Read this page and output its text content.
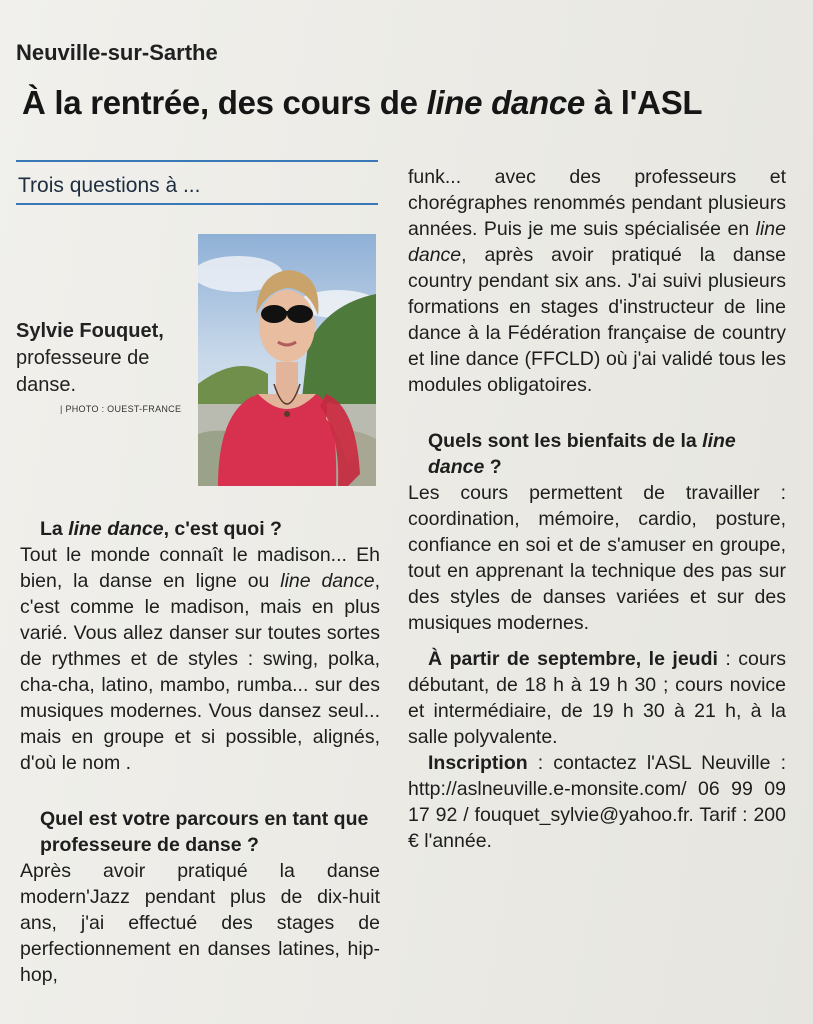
Neuville-sur-Sarthe
À la rentrée, des cours de line dance à l'ASL
Trois questions à ...
Sylvie Fouquet,
professeure de
danse.
| PHOTO : OUEST-FRANCE

La line dance, c'est quoi ?

Tout le monde connaît le madison... Eh bien, la danse en ligne ou line dance, c'est comme le madison, mais en plus varié. Vous allez danser sur toutes sortes de rythmes et de styles : swing, polka, cha-cha, latino, mambo, rumba... sur des musiques modernes. Vous dansez seul... mais en groupe et si possible, alignés, d'où le nom .

Quel est votre parcours en tant que professeure de danse ?

Après avoir pratiqué la danse modern'Jazz pendant plus de dix-huit ans, j'ai effectué des stages de perfectionnement en danses latines, hip-hop,

funk... avec des professeurs et chorégraphes renommés pendant plusieurs années. Puis je me suis spécialisée en line dance, après avoir pratiqué la danse country pendant six ans. J'ai suivi plusieurs formations en stages d'instructeur de line dance à la Fédération française de country et line dance (FFCLD) où j'ai validé tous les modules obligatoires.

Quels sont les bienfaits de la line dance ?

Les cours permettent de travailler : coordination, mémoire, cardio, posture, confiance en soi et de s'amuser en groupe, tout en apprenant la technique des pas sur des styles de danses variées et sur des musiques modernes.

À partir de septembre, le jeudi : cours débutant, de 18 h à 19 h 30 ; cours novice et intermédiaire, de 19 h 30 à 21 h, à la salle polyvalente.

Inscription : contactez l'ASL Neuville : http://aslneuville.e-monsite.com/ 06 99 09 17 92 / fouquet_sylvie@yahoo.fr. Tarif : 200 € l'année.
